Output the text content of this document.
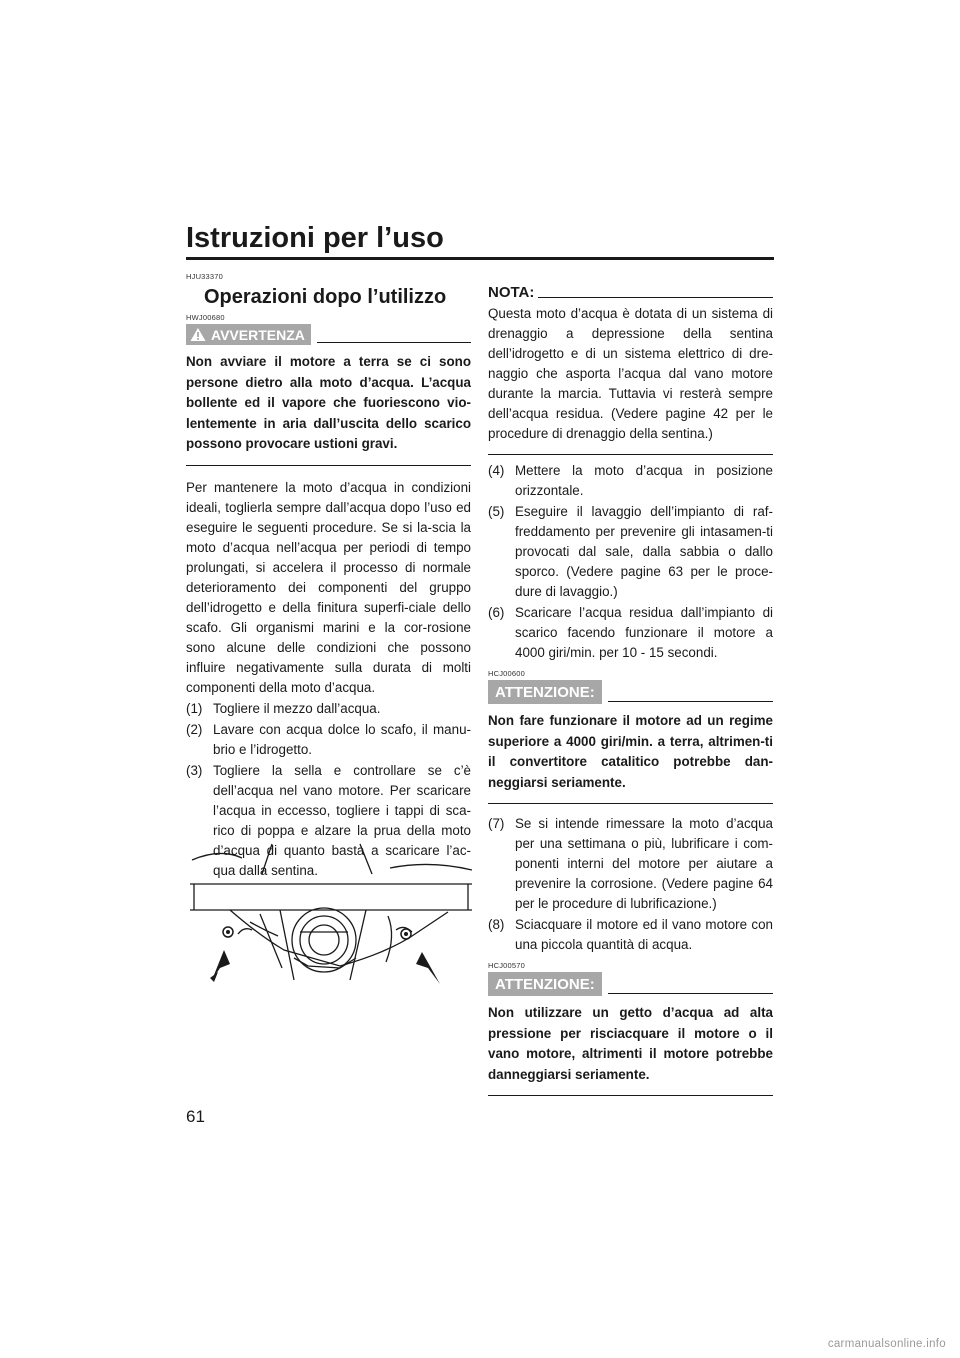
Istruzioni per l’uso
HJU33370
Operazioni dopo l’utilizzo
HWJ00680
AVVERTENZA
Non avviare il motore a terra se ci sono persone dietro alla moto d’acqua. L’acqua bollente ed il vapore che fuoriescono vio-lentemente in aria dall’uscita dello scarico possono provocare ustioni gravi.

Per mantenere la moto d’acqua in condizioni ideali, toglierla sempre dall’acqua dopo l’uso ed eseguire le seguenti procedure. Se si la-scia la moto d’acqua nell’acqua per periodi di tempo prolungati, si accelera il processo di normale deterioramento dei componenti del gruppo dell’idrogetto e della finitura superfi-ciale dello scafo. Gli organismi marini e la cor-rosione sono alcune delle condizioni che possono influire negativamente sulla durata di molti componenti della moto d’acqua.

(1) Togliere il mezzo dall’acqua.
(2) Lavare con acqua dolce lo scafo, il manu-brio e l’idrogetto.
(3) Togliere la sella e controllare se c’è dell’acqua nel vano motore. Per scaricare l’acqua in eccesso, togliere i tappi di sca-rico di poppa e alzare la prua della moto d’acqua di quanto basta a scaricare l’ac-qua dalla sentina.
NOTA:
Questa moto d’acqua è dotata di un sistema di drenaggio a depressione della sentina dell’idrogetto e di un sistema elettrico di dre-naggio che asporta l’acqua dal vano motore durante la marcia. Tuttavia vi resterà sempre dell’acqua residua. (Vedere pagine 42 per le procedure di drenaggio della sentina.)
(4) Mettere la moto d’acqua in posizione orizzontale.
(5) Eseguire il lavaggio dell’impianto di raf-freddamento per prevenire gli intasamen-ti provocati dal sale, dalla sabbia o dallo sporco. (Vedere pagine 63 per le proce-dure di lavaggio.)
(6) Scaricare l’acqua residua dall’impianto di scarico facendo funzionare il motore a 4000 giri/min. per 10 - 15 secondi.
HCJ00600
ATTENZIONE:
Non fare funzionare il motore ad un regime superiore a 4000 giri/min. a terra, altrimen-ti il convertitore catalitico potrebbe dan-neggiarsi seriamente.
(7) Se si intende rimessare la moto d’acqua per una settimana o più, lubrificare i com-ponenti interni del motore per aiutare a prevenire la corrosione. (Vedere pagine 64 per le procedure di lubrificazione.)
(8) Sciacquare il motore ed il vano motore con una piccola quantità di acqua.
HCJ00570
ATTENZIONE:
Non utilizzare un getto d’acqua ad alta pressione per risciacquare il motore o il vano motore, altrimenti il motore potrebbe danneggiarsi seriamente.
61
carmanualsonline.info
